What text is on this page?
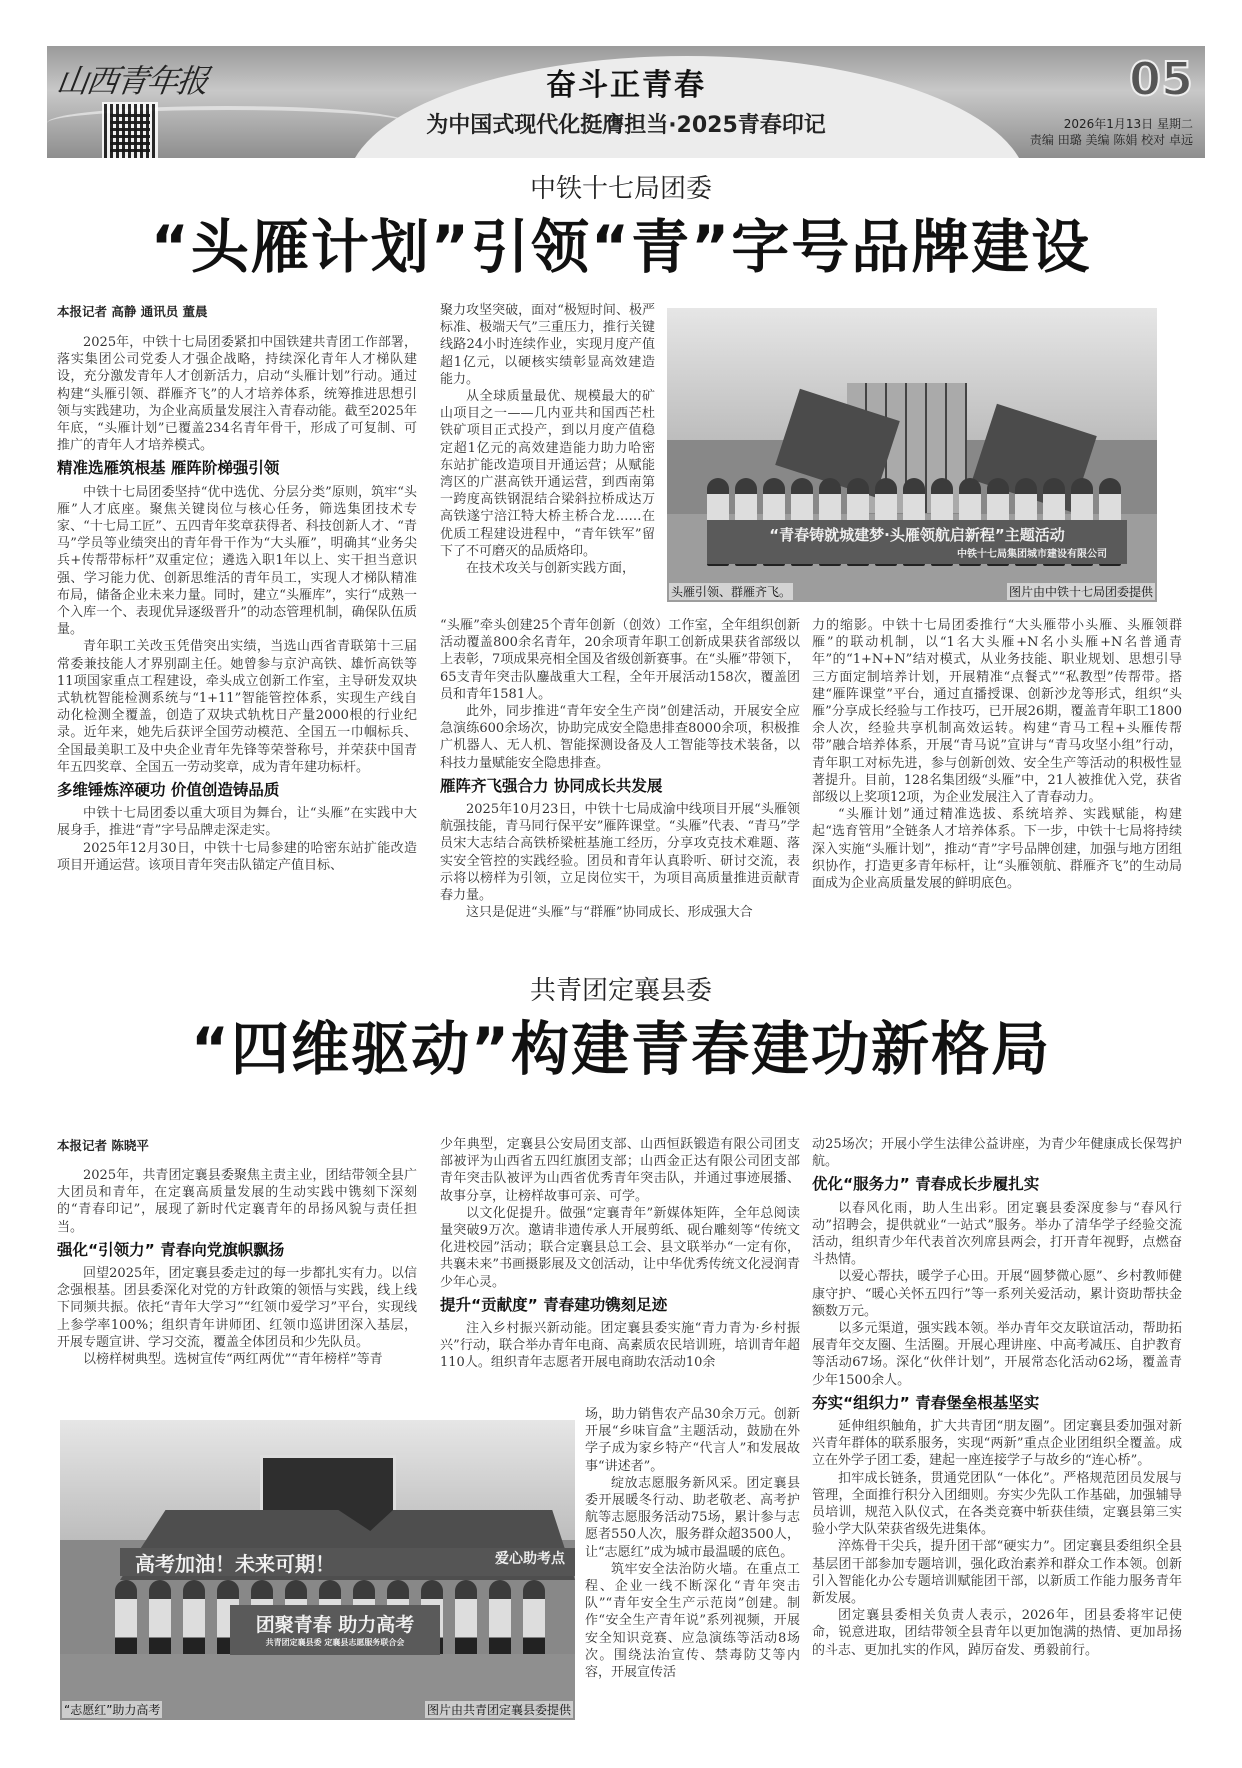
山西青年报	奋斗正青春
为中国式现代化挺膺担当·2025青春印记
05
2026年1月13日 星期二
责编 田璐 美编 陈娟 校对 卓远
中铁十七局团委
“头雁计划”引领“青”字号品牌建设
本报记者 高静 通讯员 董晨

2025年，中铁十七局团委紧扣中国铁建共青团工作部署，落实集团公司党委人才强企战略，持续深化青年人才梯队建设，充分激发青年人才创新活力，启动“头雁计划”行动。通过构建“头雁引领、群雁齐飞”的人才培养体系，统筹推进思想引领与实践建功，为企业高质量发展注入青春动能。截至2025年年底，“头雁计划”已覆盖234名青年骨干，形成了可复制、可推广的青年人才培养模式。

精准选雁筑根基 雁阵阶梯强引领

中铁十七局团委坚持“优中选优、分层分类”原则，筑牢“头雁”人才底座。聚焦关键岗位与核心任务，筛选集团技术专家、“十七局工匠”、五四青年奖章获得者、科技创新人才、“青马”学员等业绩突出的青年骨干作为“大头雁”，明确其“业务尖兵+传帮带标杆”双重定位；遴选入职1年以上、实干担当意识强、学习能力优、创新思维活的青年员工，实现人才梯队精准布局，储备企业未来力量。同时，建立“头雁库”，实行“成熟一个入库一个、表现优异逐级晋升”的动态管理机制，确保队伍质量。

青年职工关改玉凭借突出实绩，当选山西省青联第十三届常委兼技能人才界别副主任。她曾参与京沪高铁、雄忻高铁等11项国家重点工程建设，牵头成立创新工作室，主导研发双块式轨枕智能检测系统与“1+11”智能管控体系，实现生产线自动化检测全覆盖，创造了双块式轨枕日产量2000根的行业纪录。近年来，她先后获评全国劳动模范、全国五一巾帼标兵、全国最美职工及中央企业青年先锋等荣誉称号，并荣获中国青年五四奖章、全国五一劳动奖章，成为青年建功标杆。

多维锤炼淬硬功 价值创造铸品质

中铁十七局团委以重大项目为舞台，让“头雁”在实践中大展身手，推进“青”字号品牌走深走实。

2025年12月30日，中铁十七局参建的哈密东站扩能改造项目开通运营。该项目青年突击队锚定产值目标、

聚力攻坚突破，面对“极短时间、极严标准、极端天气”三重压力，推行关键线路24小时连续作业，实现月度产值超1亿元，以硬核实绩彰显高效建造能力。

从全球质量最优、规模最大的矿山项目之一——几内亚共和国西芒杜铁矿项目正式投产，到以月度产值稳定超1亿元的高效建造能力助力哈密东站扩能改造项目开通运营；从赋能湾区的广湛高铁开通运营，到西南第一跨度高铁钢混结合梁斜拉桥成达万高铁遂宁涪江特大桥主桥合龙……在优质工程建设进程中，“青年铁军”留下了不可磨灭的品质烙印。

在技术攻关与创新实践方面，

“头雁”牵头创建25个青年创新（创效）工作室，全年组织创新活动覆盖800余名青年，20余项青年职工创新成果获省部级以上表彰，7项成果亮相全国及省级创新赛事。在“头雁”带领下，65支青年突击队鏖战重大工程，全年开展活动158次，覆盖团员和青年1581人。

此外，同步推进“青年安全生产岗”创建活动，开展安全应急演练600余场次，协助完成安全隐患排查8000余项，积极推广机器人、无人机、智能探测设备及人工智能等技术装备，以科技力量赋能安全隐患排查。

雁阵齐飞强合力 协同成长共发展

2025年10月23日，中铁十七局成渝中线项目开展“头雁领航强技能，青马同行保平安”雁阵课堂。“头雁”代表、“青马”学员宋大志结合高铁桥梁桩基施工经历，分享攻克技术难题、落实安全管控的实践经验。团员和青年认真聆听、研讨交流，表示将以榜样为引领，立足岗位实干，为项目高质量推进贡献青春力量。

这只是促进“头雁”与“群雁”协同成长、形成强大合

力的缩影。中铁十七局团委推行“大头雁带小头雁、头雁领群雁”的联动机制，以“1名大头雁+N名小头雁+N名普通青年”的“1+N+N”结对模式，从业务技能、职业规划、思想引导三方面定制培养计划，开展精准“点餐式”“私教型”传帮带。搭建“雁阵课堂”平台，通过直播授课、创新沙龙等形式，组织“头雁”分享成长经验与工作技巧，已开展26期，覆盖青年职工1800余人次，经验共享机制高效运转。构建“青马工程+头雁传帮带”融合培养体系，开展“青马说”宣讲与“青马攻坚小组”行动，青年职工对标先进，参与创新创效、安全生产等活动的积极性显著提升。目前，128名集团级“头雁”中，21人被推优入党，获省部级以上奖项12项，为企业发展注入了青春动力。

“头雁计划”通过精准选拔、系统培养、实践赋能，构建起“选育管用”全链条人才培养体系。下一步，中铁十七局将持续深入实施“头雁计划”，推动“青”字号品牌创建，加强与地方团组织协作，打造更多青年标杆，让“头雁领航、群雁齐飞”的生动局面成为企业高质量发展的鲜明底色。

“青春铸就城建梦·头雁领航启新程”主题活动
中铁十七局集团城市建设有限公司
头雁引领、群雁齐飞。	图片由中铁十七局团委提供
共青团定襄县委
“四维驱动”构建青春建功新格局
本报记者 陈晓平

2025年，共青团定襄县委聚焦主责主业，团结带领全县广大团员和青年，在定襄高质量发展的生动实践中镌刻下深刻的“青春印记”，展现了新时代定襄青年的昂扬风貌与责任担当。

强化“引领力” 青春向党旗帜飘扬

回望2025年，团定襄县委走过的每一步都扎实有力。以信念强根基。团县委深化对党的方针政策的领悟与实践，线上线下同频共振。依托“青年大学习”“红领巾爱学习”平台，实现线上参学率100%；组织青年讲师团、红领巾巡讲团深入基层，开展专题宣讲、学习交流，覆盖全体团员和少先队员。

以榜样树典型。选树宣传“两红两优”“青年榜样”等青

少年典型，定襄县公安局团支部、山西恒跃锻造有限公司团支部被评为山西省五四红旗团支部；山西金正达有限公司团支部青年突击队被评为山西省优秀青年突击队，并通过事迹展播、故事分享，让榜样故事可亲、可学。

以文化促提升。做强“定襄青年”新媒体矩阵，全年总阅读量突破9万次。邀请非遗传承人开展剪纸、砚台雕刻等“传统文化进校园”活动；联合定襄县总工会、县文联举办“一定有你，共襄未来”书画摄影展及文创活动，让中华优秀传统文化浸润青少年心灵。

提升“贡献度” 青春建功镌刻足迹

注入乡村振兴新动能。团定襄县委实施“青力青为·乡村振兴”行动，联合举办青年电商、高素质农民培训班，培训青年超110人。组织青年志愿者开展电商助农活动10余

场，助力销售农产品30余万元。创新开展“乡味盲盒”主题活动，鼓励在外学子成为家乡特产“代言人”和发展故事“讲述者”。

绽放志愿服务新风采。团定襄县委开展暖冬行动、助老敬老、高考护航等志愿服务活动75场，累计参与志愿者550人次，服务群众超3500人，让“志愿红”成为城市最温暖的底色。

筑牢安全法治防火墙。在重点工程、企业一线不断深化“青年突击队”“青年安全生产示范岗”创建。制作“安全生产青年说”系列视频，开展安全知识竞赛、应急演练等活动8场次。围绕法治宣传、禁毒防艾等内容，开展宣传活

动25场次；开展小学生法律公益讲座，为青少年健康成长保驾护航。

优化“服务力” 青春成长步履扎实

以春风化雨，助人生出彩。团定襄县委深度参与“春风行动”招聘会，提供就业“一站式”服务。举办了清华学子经验交流活动，组织青少年代表首次列席县两会，打开青年视野，点燃奋斗热情。

以爱心帮扶，暖学子心田。开展“圆梦微心愿”、乡村教师健康守护、“暖心关怀五四行”等一系列关爱活动，累计资助帮扶金额数万元。

以多元渠道，强实践本领。举办青年交友联谊活动，帮助拓展青年交友圈、生活圈。开展心理讲座、中高考减压、自护教育等活动67场。深化“伙伴计划”，开展常态化活动62场，覆盖青少年1500余人。

夯实“组织力” 青春堡垒根基坚实

延伸组织触角，扩大共青团“朋友圈”。团定襄县委加强对新兴青年群体的联系服务，实现“两新”重点企业团组织全覆盖。成立在外学子团工委，建起一座连接学子与故乡的“连心桥”。

扣牢成长链条，贯通党团队“一体化”。严格规范团员发展与管理，全面推行积分入团细则。夯实少先队工作基础，加强辅导员培训，规范入队仪式，在各类竞赛中斩获佳绩，定襄县第三实验小学大队荣获省级先进集体。

淬炼骨干尖兵，提升团干部“硬实力”。团定襄县委组织全县基层团干部参加专题培训，强化政治素养和群众工作本领。创新引入智能化办公专题培训赋能团干部，以新质工作能力服务青年新发展。

团定襄县委相关负责人表示，2026年，团县委将牢记使命，锐意进取，团结带领全县青年以更加饱满的热情、更加昂扬的斗志、更加扎实的作风，踔厉奋发、勇毅前行。

高考加油！未来可期！	爱心助考点
团聚青春 助力高考
共青团定襄县委 定襄县志愿服务联合会
“志愿红”助力高考	图片由共青团定襄县委提供
